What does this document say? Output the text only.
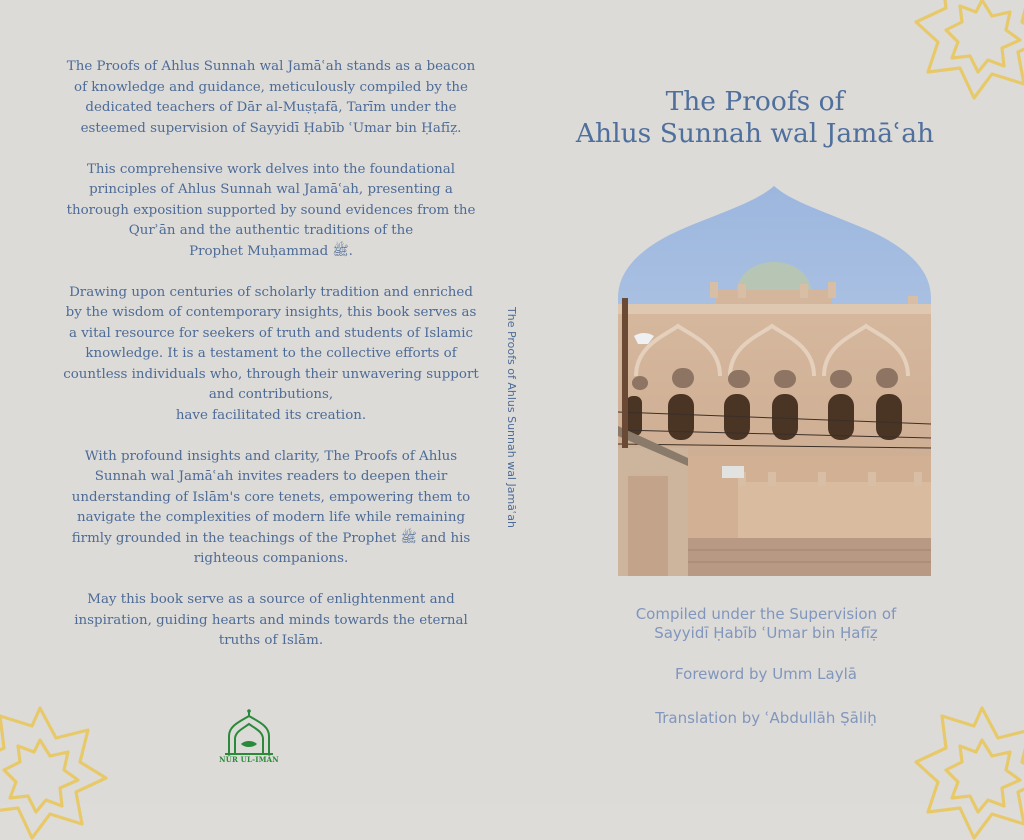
The Proofs of Ahlus Sunnah wal Jamāʿah stands as a beacon
of knowledge and guidance, meticulously compiled by the
dedicated teachers of Dār al-Muṣṭafā, Tarīm under the
esteemed supervision of Sayyidī Ḥabīb ʿUmar bin Ḥafīẓ.

This comprehensive work delves into the foundational
principles of Ahlus Sunnah wal Jamāʿah, presenting a
thorough exposition supported by sound evidences from the
Qurʾān and the authentic traditions of the
Prophet Muḥammad ﷺ.

Drawing upon centuries of scholarly tradition and enriched
by the wisdom of contemporary insights, this book serves as
a vital resource for seekers of truth and students of Islamic
knowledge. It is a testament to the collective efforts of
countless individuals who, through their unwavering support
and contributions,
have facilitated its creation.

With profound insights and clarity, The Proofs of Ahlus
Sunnah wal Jamāʿah invites readers to deepen their
understanding of Islām's core tenets, empowering them to
navigate the complexities of modern life while remaining
firmly grounded in the teachings of the Prophet ﷺ and his
righteous companions.

May this book serve as a source of enlightenment and
inspiration, guiding hearts and minds towards the eternal
truths of Islām.

NŪR UL-IMĀN
The Proofs of Ahlus Sunnah wal Jamāʿah
The Proofs of
Ahlus Sunnah wal Jamāʿah
Compiled under the Supervision of
Sayyidī Ḥabīb ʿUmar bin Ḥafīẓ
Foreword by Umm Laylā
Translation by ʿAbdullāh Ṣāliḥ
